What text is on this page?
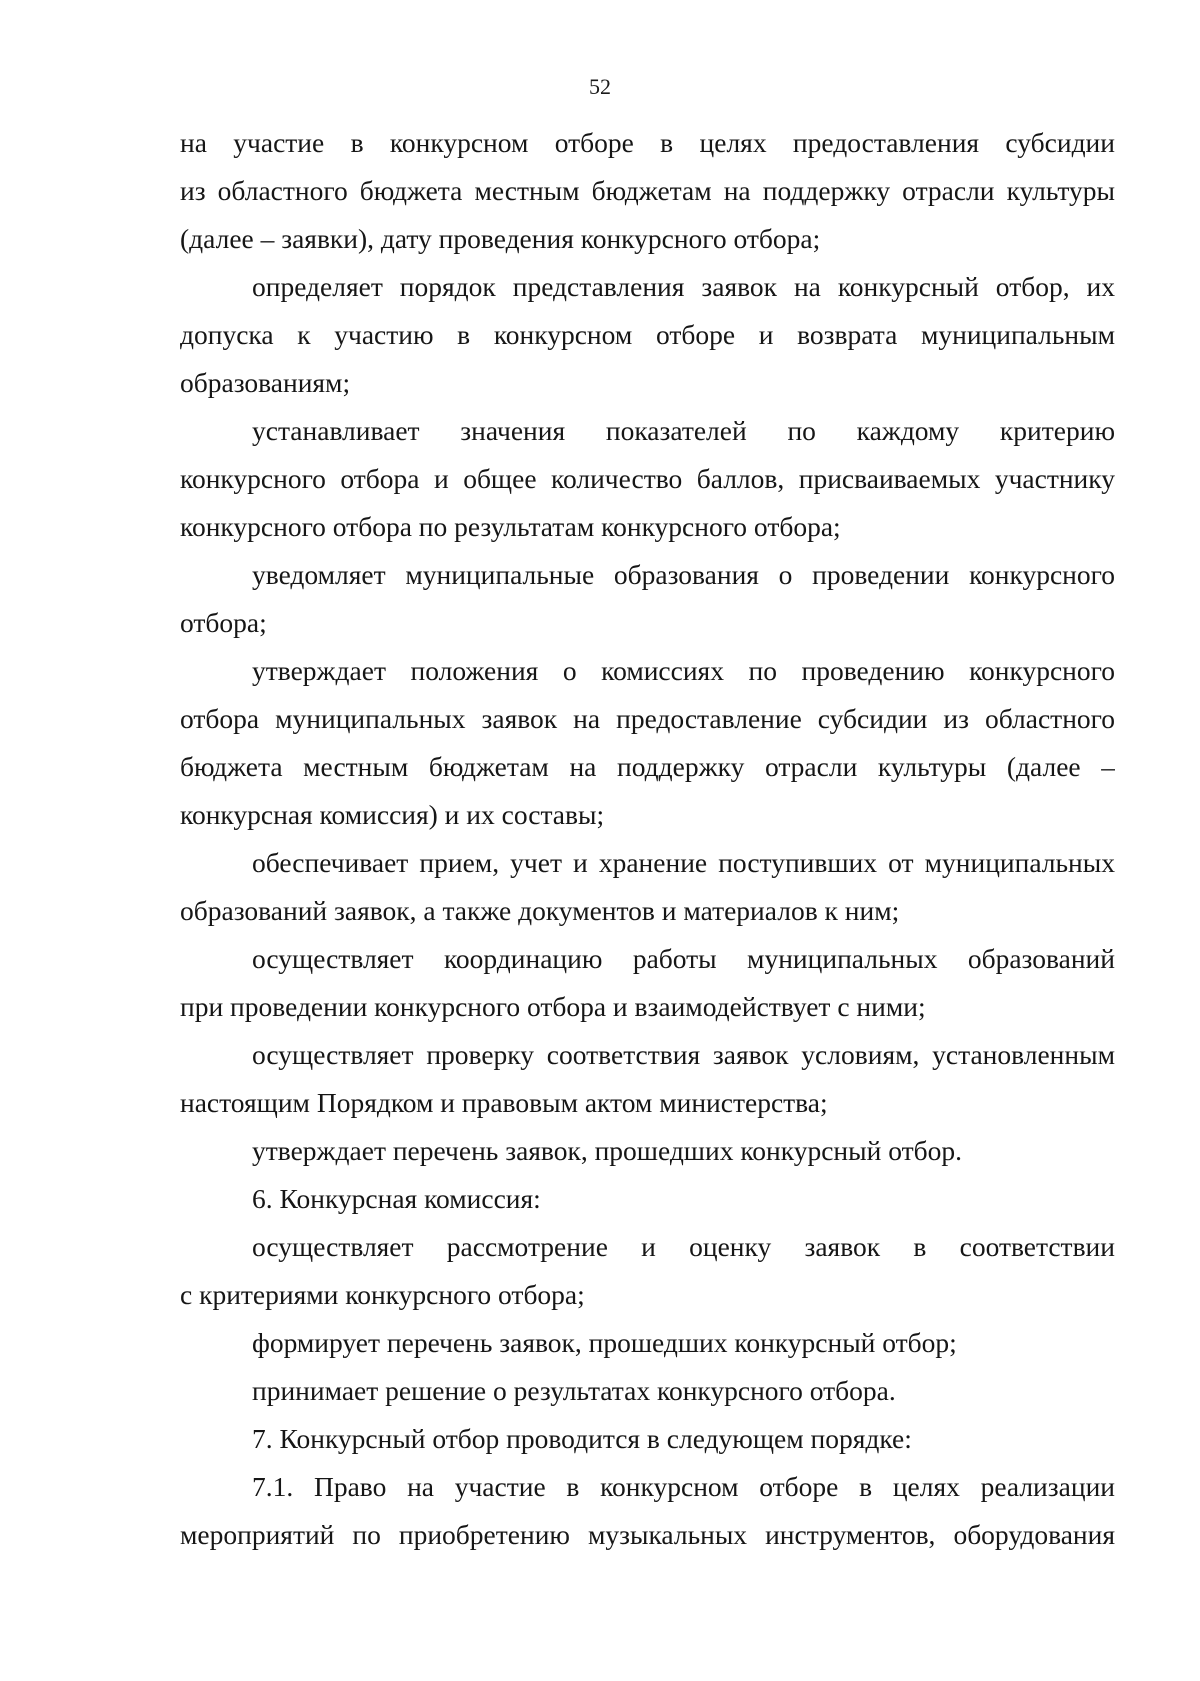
52
на участие в конкурсном отборе в целях предоставления субсидии
из областного бюджета местным бюджетам на поддержку отрасли культуры
(далее – заявки), дату проведения конкурсного отбора;
определяет порядок представления заявок на конкурсный отбор, их
допуска к участию в конкурсном отборе и возврата муниципальным
образованиям;
устанавливает значения показателей по каждому критерию
конкурсного отбора и общее количество баллов, присваиваемых участнику
конкурсного отбора по результатам конкурсного отбора;
уведомляет муниципальные образования о проведении конкурсного
отбора;
утверждает положения о комиссиях по проведению конкурсного
отбора муниципальных заявок на предоставление субсидии из областного
бюджета местным бюджетам на поддержку отрасли культуры (далее –
конкурсная комиссия) и их составы;
обеспечивает прием, учет и хранение поступивших от муниципальных
образований заявок, а также документов и материалов к ним;
осуществляет координацию работы муниципальных образований
при проведении конкурсного отбора и взаимодействует с ними;
осуществляет проверку соответствия заявок условиям, установленным
настоящим Порядком и правовым актом министерства;
утверждает перечень заявок, прошедших конкурсный отбор.
6. Конкурсная комиссия:
осуществляет рассмотрение и оценку заявок в соответствии
с критериями конкурсного отбора;
формирует перечень заявок, прошедших конкурсный отбор;
принимает решение о результатах конкурсного отбора.
7. Конкурсный отбор проводится в следующем порядке:
7.1. Право на участие в конкурсном отборе в целях реализации
мероприятий по приобретению музыкальных инструментов, оборудования
